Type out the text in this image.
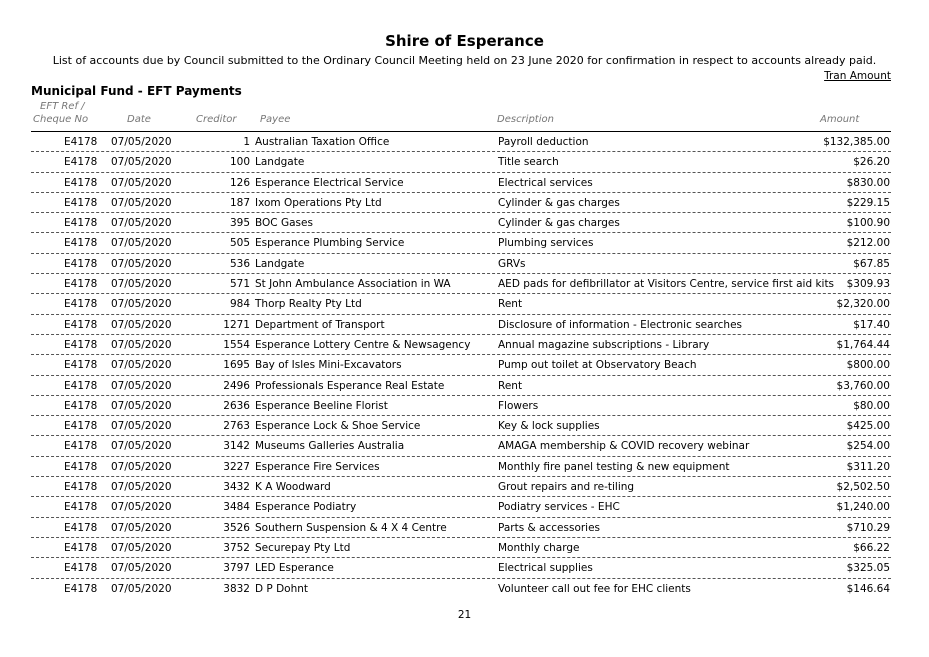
Shire of Esperance
List of accounts due by Council submitted to the Ordinary Council Meeting held on 23 June 2020 for confirmation in respect to accounts already paid.
Tran Amount
Municipal Fund - EFT Payments
EFT Ref /
Cheque No	Date	Creditor Payee	Description	Amount
E4178 07/05/2020	1 Australian Taxation Office	Payroll deduction	$132,385.00
E4178 07/05/2020	100 Landgate	Title search	$26.20
E4178 07/05/2020	126 Esperance Electrical Service	Electrical services	$830.00
E4178 07/05/2020	187 Ixom Operations Pty Ltd	Cylinder & gas charges	$229.15
E4178 07/05/2020	395 BOC Gases	Cylinder & gas charges	$100.90
E4178 07/05/2020	505 Esperance Plumbing Service	Plumbing services	$212.00
E4178 07/05/2020	536 Landgate	GRVs	$67.85
E4178 07/05/2020	571 St John Ambulance Association in WA	AED pads for defibrillator at Visitors Centre, service first aid kits $309.93
E4178 07/05/2020	984 Thorp Realty Pty Ltd	Rent	$2,320.00
E4178 07/05/2020	1271 Department of Transport	Disclosure of information - Electronic searches	$17.40
E4178 07/05/2020	1554 Esperance Lottery Centre & Newsagency	Annual magazine subscriptions - Library	$1,764.44
E4178 07/05/2020	1695 Bay of Isles Mini-Excavators	Pump out toilet at Observatory Beach	$800.00
E4178 07/05/2020	2496 Professionals Esperance Real Estate	Rent	$3,760.00
E4178 07/05/2020	2636 Esperance Beeline Florist	Flowers	$80.00
E4178 07/05/2020	2763 Esperance Lock & Shoe Service	Key & lock supplies	$425.00
E4178 07/05/2020	3142 Museums Galleries Australia	AMAGA membership & COVID recovery webinar	$254.00
E4178 07/05/2020	3227 Esperance Fire Services	Monthly fire panel testing & new equipment	$311.20
E4178 07/05/2020	3432 K A Woodward	Grout repairs and re-tiling	$2,502.50
E4178 07/05/2020	3484 Esperance Podiatry	Podiatry services - EHC	$1,240.00
E4178 07/05/2020	3526 Southern Suspension & 4 X 4 Centre	Parts & accessories	$710.29
E4178 07/05/2020	3752 Securepay Pty Ltd	Monthly charge	$66.22
E4178 07/05/2020	3797 LED Esperance	Electrical supplies	$325.05
E4178 07/05/2020	3832 D P Dohnt	Volunteer call out fee for EHC clients	$146.64
21
